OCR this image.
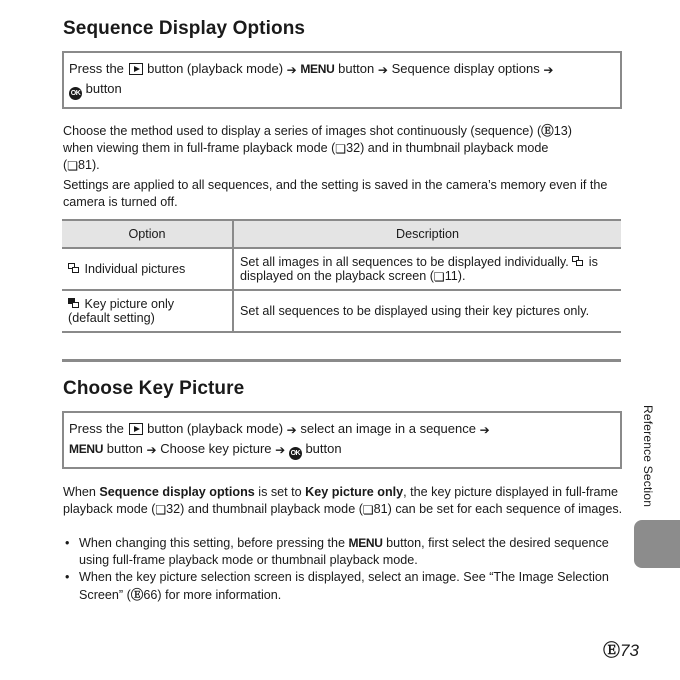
Sequence Display Options
Press the button (playback mode) ➔ MENU button ➔ Sequence display options ➔
OK button

Choose the method used to display a series of images shot continuously (sequence) (Ⓔ13)
when viewing them in full-frame playback mode (❏32) and in thumbnail playback mode
(❏81).

Settings are applied to all sequences, and the setting is saved in the camera’s memory even if the camera is turned off.

Option	Description

Individual pictures	Set all images in all sequences to be displayed individually. is displayed on the playback screen (❏11).

Key picture only
(default setting)	Set all sequences to be displayed using their key pictures only.
Choose Key Picture
Press the button (playback mode) ➔ select an image in a sequence ➔
MENU button ➔ Choose key picture ➔ OK button

When Sequence display options is set to Key picture only, the key picture displayed in full-frame playback mode (❏32) and thumbnail playback mode (❏81) can be set for each sequence of images.

• When changing this setting, before pressing the MENU button, first select the desired sequence using full-frame playback mode or thumbnail playback mode.
• When the key picture selection screen is displayed, select an image. See “The Image Selection Screen” (Ⓔ66) for more information.
Reference Section
Ⓔ73
